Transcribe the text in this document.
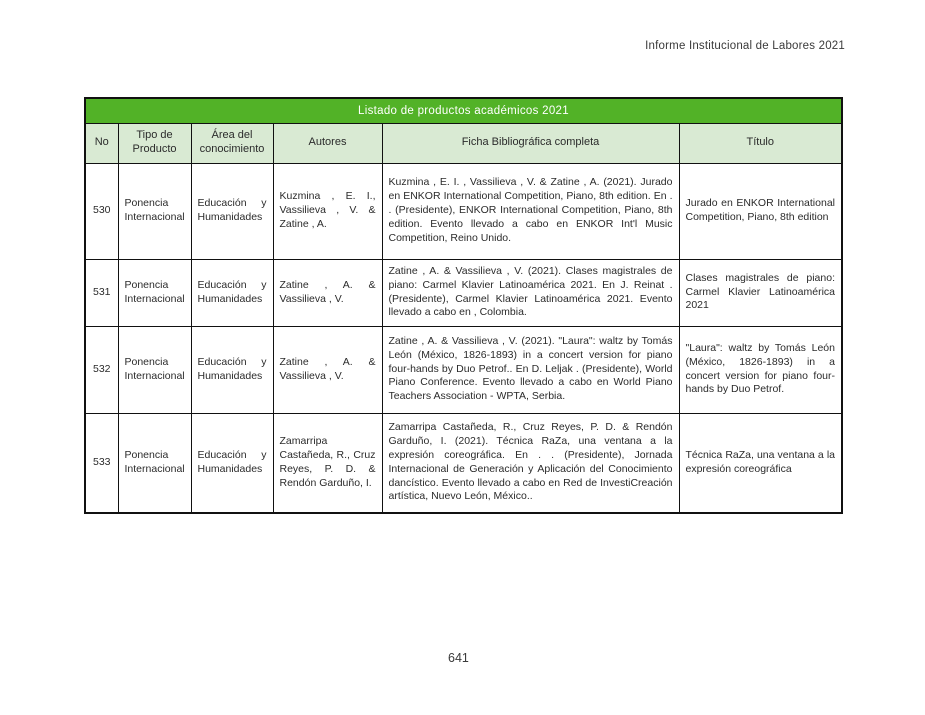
Informe Institucional de Labores 2021
Listado de productos académicos 2021					
No	Tipo de Producto	Área del conocimiento	Autores	Ficha Bibliográfica completa	Título
530	Ponencia Internacional	Educación y Humanidades	Kuzmina , E. I., Vassilieva , V. & Zatine , A.	Kuzmina , E. I. , Vassilieva , V. & Zatine , A. (2021). Jurado en ENKOR International Competition, Piano, 8th edition. En . . (Presidente), ENKOR International Competition, Piano, 8th edition. Evento llevado a cabo en ENKOR Int'l Music Competition, Reino Unido.	Jurado en ENKOR International Competition, Piano, 8th edition
531	Ponencia Internacional	Educación y Humanidades	Zatine , A. & Vassilieva , V.	Zatine , A. & Vassilieva , V. (2021). Clases magistrales de piano: Carmel Klavier Latinoamérica 2021. En J. Reinat . (Presidente), Carmel Klavier Latinoamérica 2021. Evento llevado a cabo en , Colombia.	Clases magistrales de piano: Carmel Klavier Latinoamérica 2021
532	Ponencia Internacional	Educación y Humanidades	Zatine , A. & Vassilieva , V.	Zatine , A. & Vassilieva , V. (2021). "Laura": waltz by Tomás León (México, 1826-1893) in a concert version for piano four-hands by Duo Petrof.. En D. Leljak . (Presidente), World Piano Conference. Evento llevado a cabo en World Piano Teachers Association - WPTA, Serbia.	"Laura": waltz by Tomás León (México, 1826-1893) in a concert version for piano four-hands by Duo Petrof.
533	Ponencia Internacional	Educación y Humanidades	Zamarripa Castañeda, R., Cruz Reyes, P. D. & Rendón Garduño, I.	Zamarripa Castañeda, R., Cruz Reyes, P. D. & Rendón Garduño, I. (2021). Técnica RaZa, una ventana a la expresión coreográfica. En . . (Presidente), Jornada Internacional de Generación y Aplicación del Conocimiento dancístico. Evento llevado a cabo en Red de InvestiCreación artística, Nuevo León, México..	Técnica RaZa, una ventana a la expresión coreográfica
641
